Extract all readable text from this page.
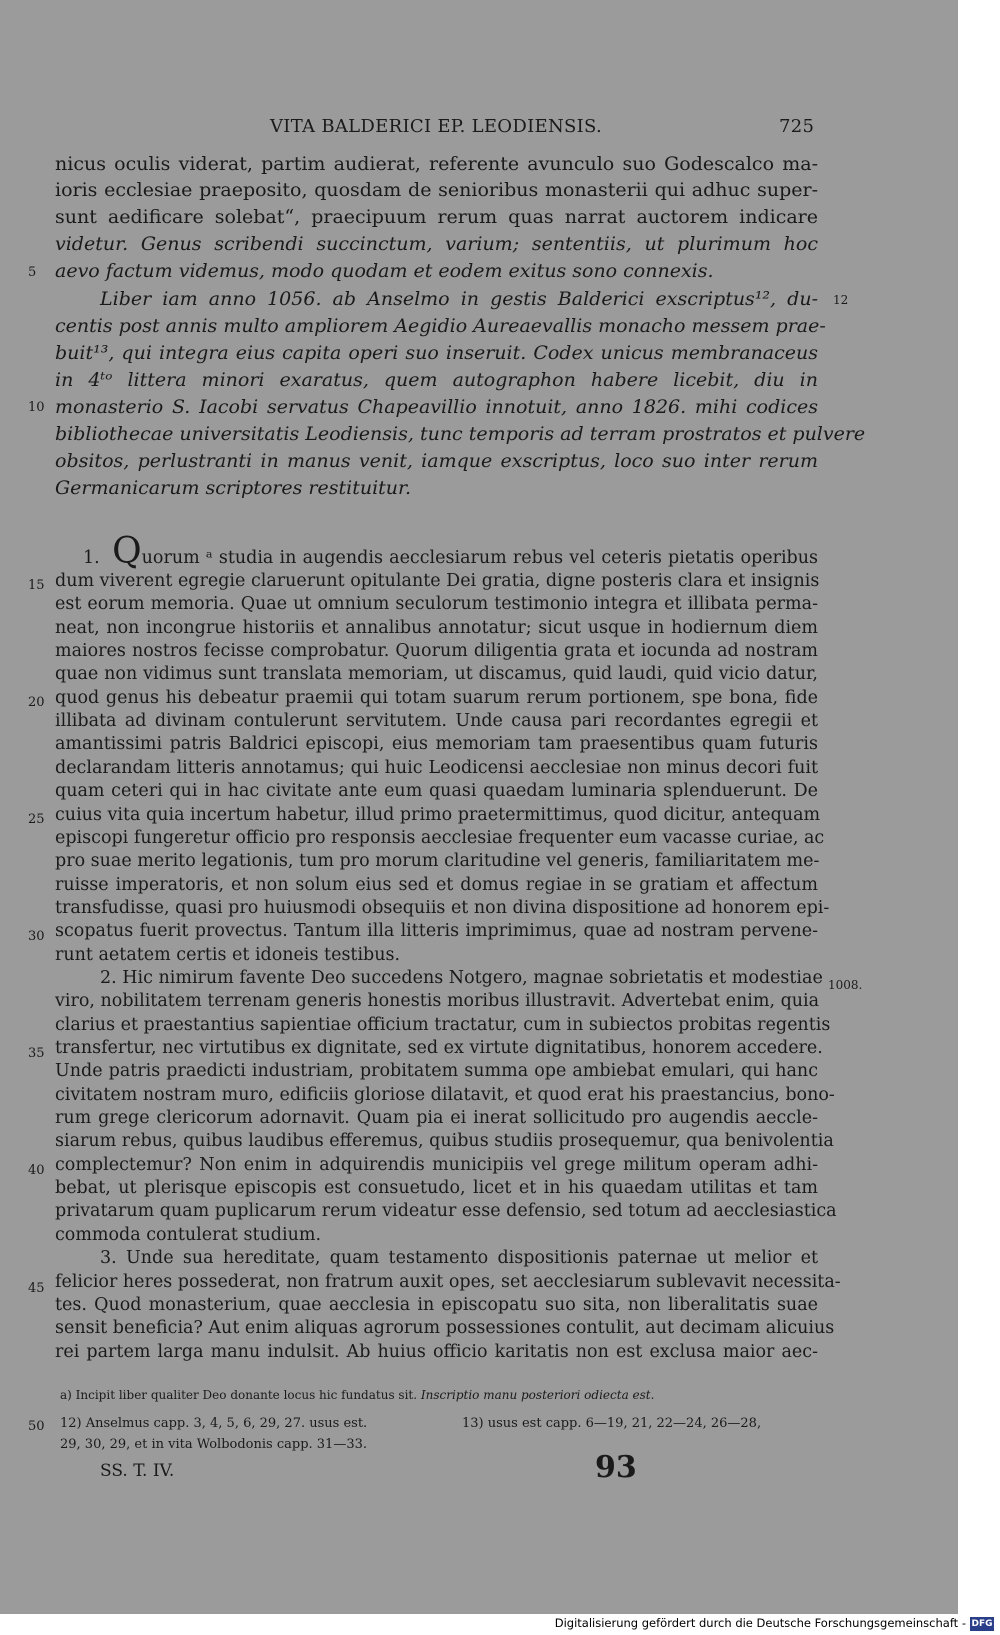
VITA BALDERICI EP. LEODIENSIS.	725
nicus oculis viderat, partim audierat, referente avunculo suo Godescalco ma-
ioris ecclesiae praeposito, quosdam de senioribus monasterii qui adhuc super-
sunt aedificare solebat“, praecipuum rerum quas narrat auctorem indicare
videtur. Genus scribendi succinctum, varium; sententiis, ut plurimum hoc
aevo factum videmus, modo quodam et eodem exitus sono connexis.
Liber iam anno 1056. ab Anselmo in gestis Balderici exscriptus¹², du-
centis post annis multo ampliorem Aegidio Aureaevallis monacho messem prae-
buit¹³, qui integra eius capita operi suo inseruit. Codex unicus membranaceus
in 4ᵗᵒ littera minori exaratus, quem autographon habere licebit, diu in
monasterio S. Iacobi servatus Chapeavillio innotuit, anno 1826. mihi codices
bibliothecae universitatis Leodiensis, tunc temporis ad terram prostratos et pulvere
obsitos, perlustranti in manus venit, iamque exscriptus, loco suo inter rerum
Germanicarum scriptores restituitur.
1. Quorum ᵃ studia in augendis aecclesiarum rebus vel ceteris pietatis operibus
dum viverent egregie claruerunt opitulante Dei gratia, digne posteris clara et insignis
est eorum memoria. Quae ut omnium seculorum testimonio integra et illibata perma-
neat, non incongrue historiis et annalibus annotatur; sicut usque in hodiernum diem
maiores nostros fecisse comprobatur. Quorum diligentia grata et iocunda ad nostram
quae non vidimus sunt translata memoriam, ut discamus, quid laudi, quid vicio datur,
quod genus his debeatur praemii qui totam suarum rerum portionem, spe bona, fide
illibata ad divinam contulerunt servitutem. Unde causa pari recordantes egregii et
amantissimi patris Baldrici episcopi, eius memoriam tam praesentibus quam futuris
declarandam litteris annotamus; qui huic Leodicensi aecclesiae non minus decori fuit
quam ceteri qui in hac civitate ante eum quasi quaedam luminaria splenduerunt. De
cuius vita quia incertum habetur, illud primo praetermittimus, quod dicitur, antequam
episcopi fungeretur officio pro responsis aecclesiae frequenter eum vacasse curiae, ac
pro suae merito legationis, tum pro morum claritudine vel generis, familiaritatem me-
ruisse imperatoris, et non solum eius sed et domus regiae in se gratiam et affectum
transfudisse, quasi pro huiusmodi obsequiis et non divina dispositione ad honorem epi-
scopatus fuerit provectus. Tantum illa litteris imprimimus, quae ad nostram pervene-
runt aetatem certis et idoneis testibus.
2. Hic nimirum favente Deo succedens Notgero, magnae sobrietatis et modestiae
viro, nobilitatem terrenam generis honestis moribus illustravit. Advertebat enim, quia
clarius et praestantius sapientiae officium tractatur, cum in subiectos probitas regentis
transfertur, nec virtutibus ex dignitate, sed ex virtute dignitatibus, honorem accedere.
Unde patris praedicti industriam, probitatem summa ope ambiebat emulari, qui hanc
civitatem nostram muro, edificiis gloriose dilatavit, et quod erat his praestancius, bono-
rum grege clericorum adornavit. Quam pia ei inerat sollicitudo pro augendis aeccle-
siarum rebus, quibus laudibus efferemus, quibus studiis prosequemur, qua benivolentia
complectemur? Non enim in adquirendis municipiis vel grege militum operam adhi-
bebat, ut plerisque episcopis est consuetudo, licet et in his quaedam utilitas et tam
privatarum quam puplicarum rerum videatur esse defensio, sed totum ad aecclesiastica
commoda contulerat studium.
3. Unde sua hereditate, quam testamento dispositionis paternae ut melior et
felicior heres possederat, non fratrum auxit opes, set aecclesiarum sublevavit necessita-
tes. Quod monasterium, quae aecclesia in episcopatu suo sita, non liberalitatis suae
sensit beneficia? Aut enim aliquas agrorum possessiones contulit, aut decimam alicuius
rei partem larga manu indulsit. Ab huius officio karitatis non est exclusa maior aec-
5
10
15
20
25
30
35
40
45
50
12
1008.
a) Incipit liber qualiter Deo donante locus hic fundatus sit. Inscriptio manu posteriori odiecta est.
12) Anselmus capp. 3, 4, 5, 6, 29, 27. usus est.
29, 30, 29, et in vita Wolbodonis capp. 31—33.
13) usus est capp. 6—19, 21, 22—24, 26—28,
SS. T. IV.	93
Digitalisierung gefördert durch die Deutsche Forschungsgemeinschaft - DFG
